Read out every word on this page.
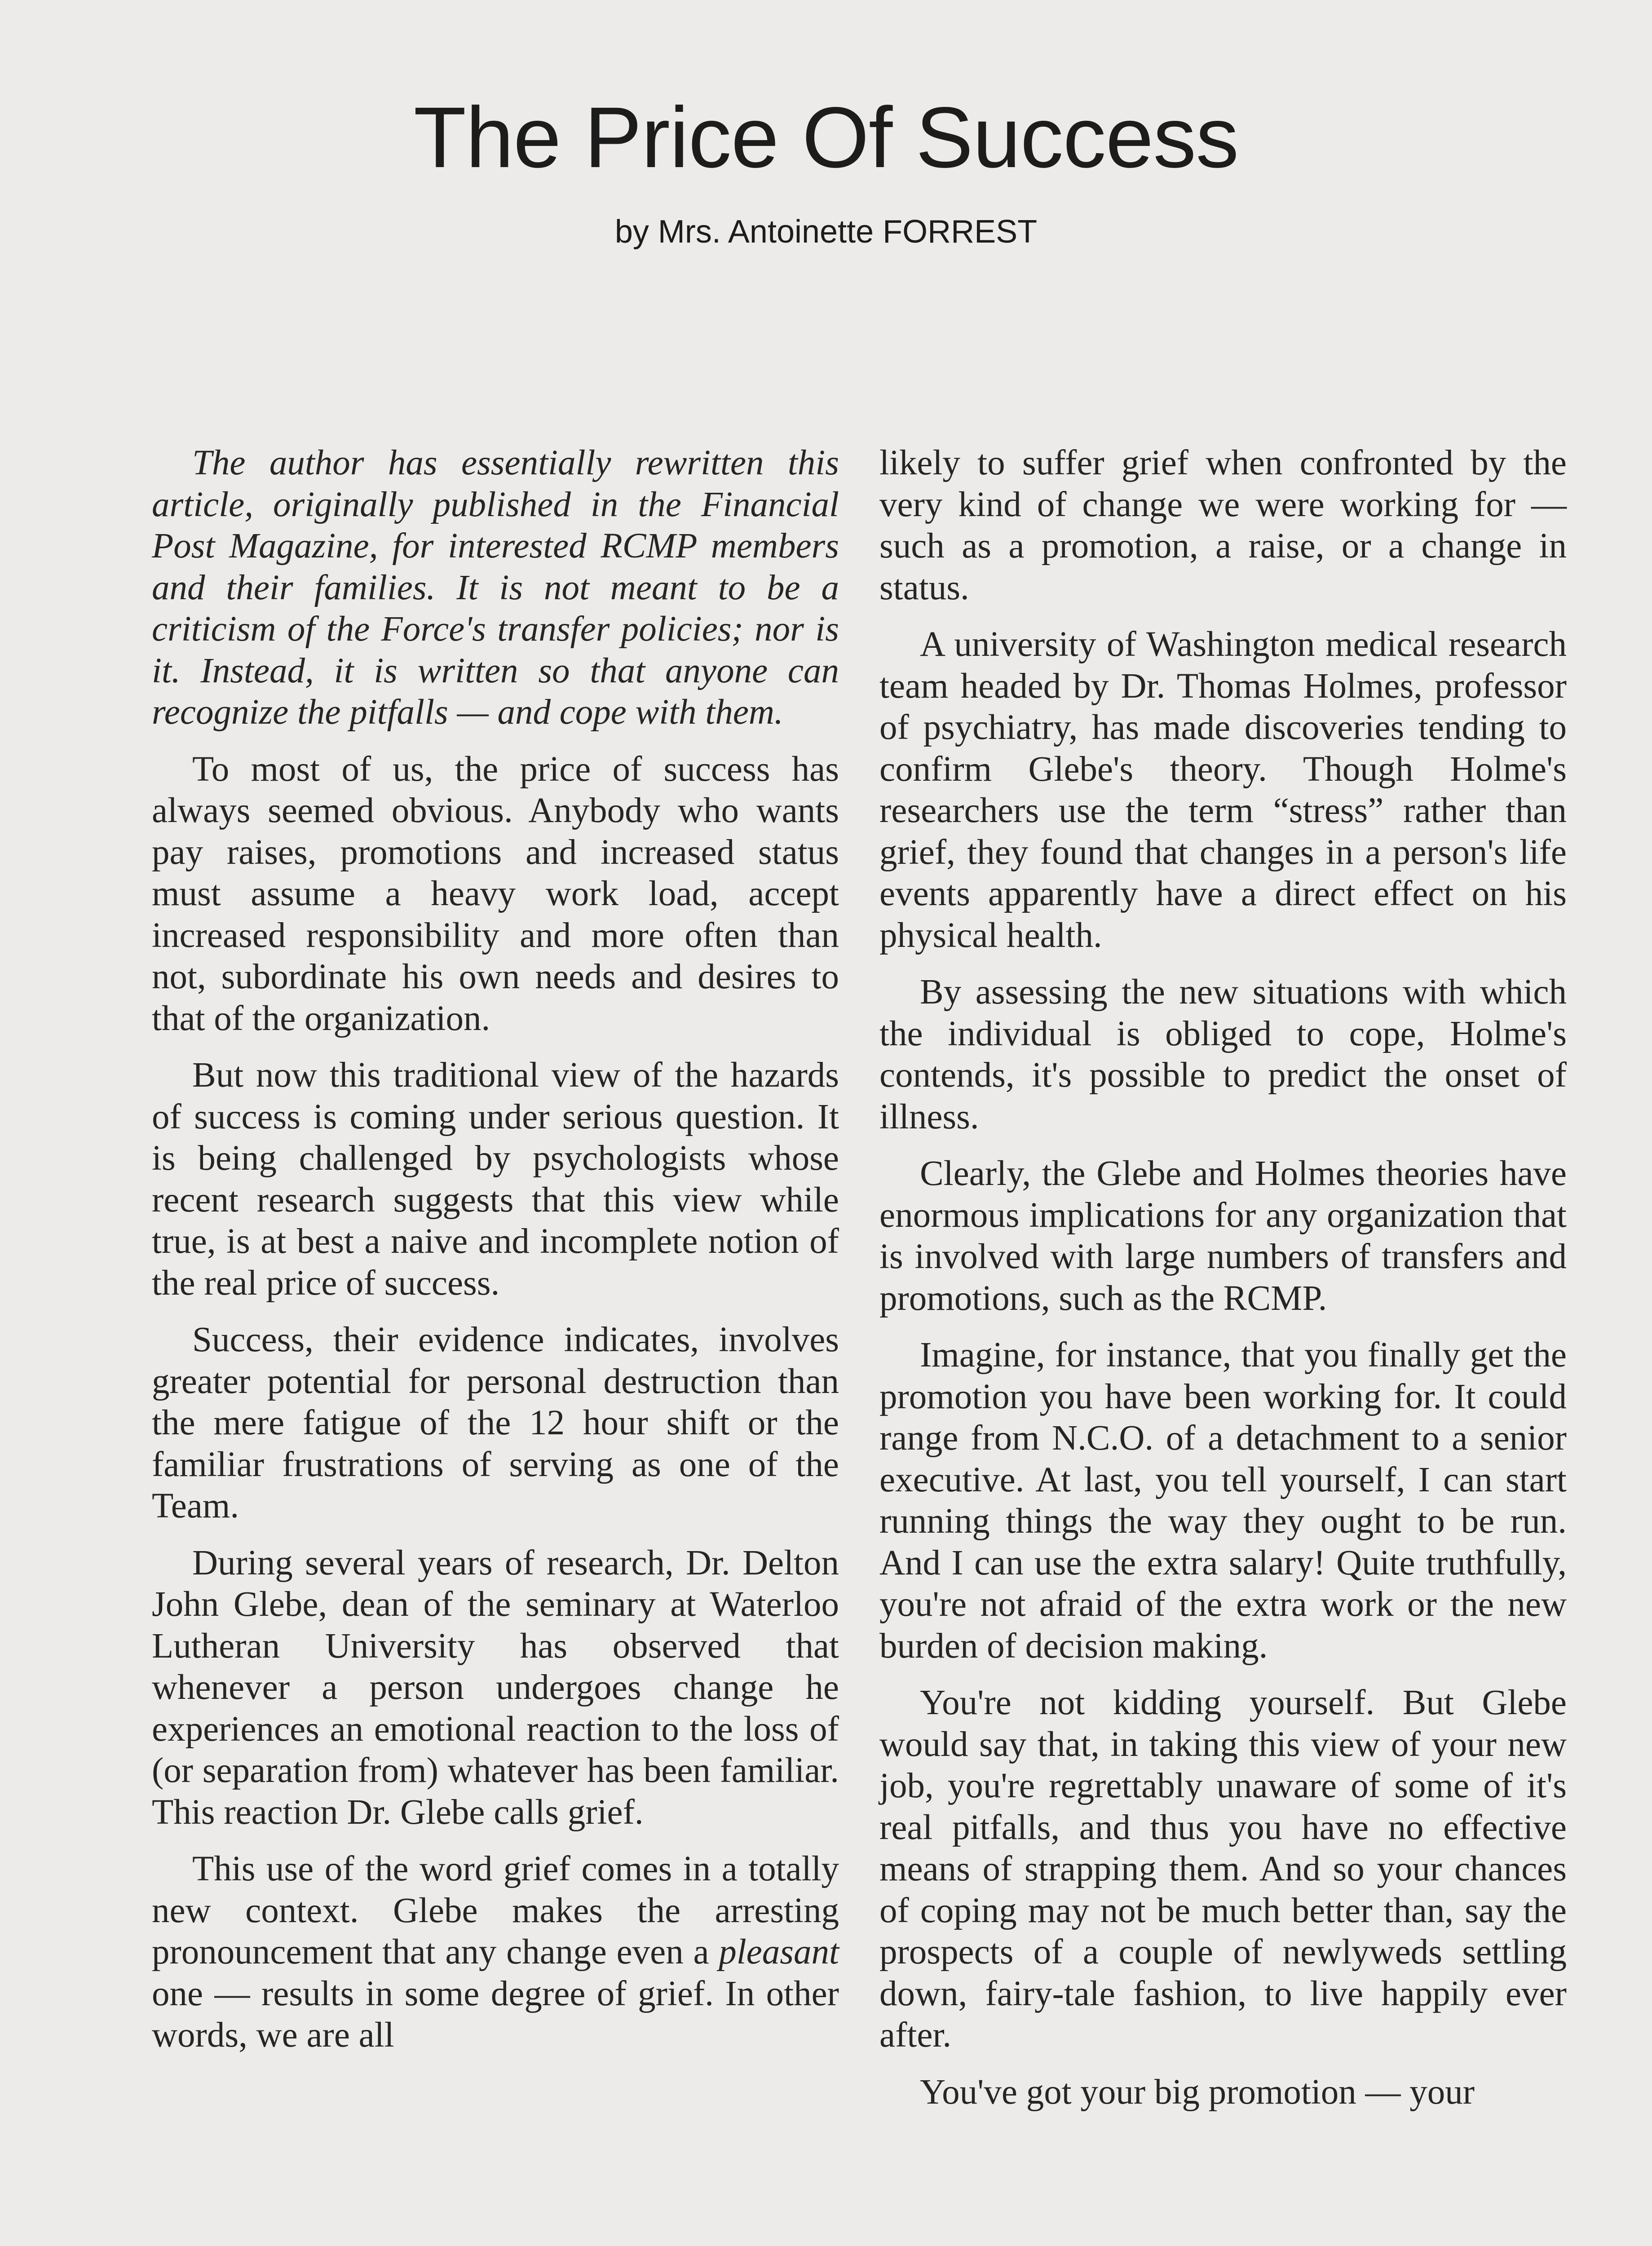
The Price Of Success
by Mrs. Antoinette FORREST

The author has essentially rewritten this article, originally published in the Financial Post Magazine, for interested RCMP members and their families. It is not meant to be a criticism of the Force's transfer policies; nor is it. Instead, it is written so that anyone can recognize the pitfalls — and cope with them.

To most of us, the price of success has always seemed obvious. Anybody who wants pay raises, promotions and increased status must assume a heavy work load, accept increased responsibility and more often than not, subordinate his own needs and desires to that of the organization.

But now this traditional view of the hazards of success is coming under serious question. It is being challenged by psychologists whose recent research suggests that this view while true, is at best a naive and incomplete notion of the real price of success.

Success, their evidence indicates, involves greater potential for personal destruction than the mere fatigue of the 12 hour shift or the familiar frustrations of serving as one of the Team.

During several years of research, Dr. Delton John Glebe, dean of the seminary at Waterloo Lutheran University has observed that whenever a person undergoes change he experiences an emotional reaction to the loss of (or separation from) whatever has been familiar. This reaction Dr. Glebe calls grief.

This use of the word grief comes in a totally new context. Glebe makes the arresting pronouncement that any change even a pleasant one — results in some degree of grief. In other words, we are all

likely to suffer grief when confronted by the very kind of change we were working for — such as a promotion, a raise, or a change in status.

A university of Washington medical research team headed by Dr. Thomas Holmes, professor of psychiatry, has made discoveries tending to confirm Glebe's theory. Though Holme's researchers use the term “stress” rather than grief, they found that changes in a person's life events apparently have a direct effect on his physical health.

By assessing the new situations with which the individual is obliged to cope, Holme's contends, it's possible to predict the onset of illness.

Clearly, the Glebe and Holmes theories have enormous implications for any organization that is involved with large numbers of transfers and promotions, such as the RCMP.

Imagine, for instance, that you finally get the promotion you have been working for. It could range from N.C.O. of a detachment to a senior executive. At last, you tell yourself, I can start running things the way they ought to be run. And I can use the extra salary! Quite truthfully, you're not afraid of the extra work or the new burden of decision making.

You're not kidding yourself. But Glebe would say that, in taking this view of your new job, you're regrettably unaware of some of it's real pitfalls, and thus you have no effective means of strapping them. And so your chances of coping may not be much better than, say the prospects of a couple of newlyweds settling down, fairy-tale fashion, to live happily ever after.

You've got your big promotion — your
